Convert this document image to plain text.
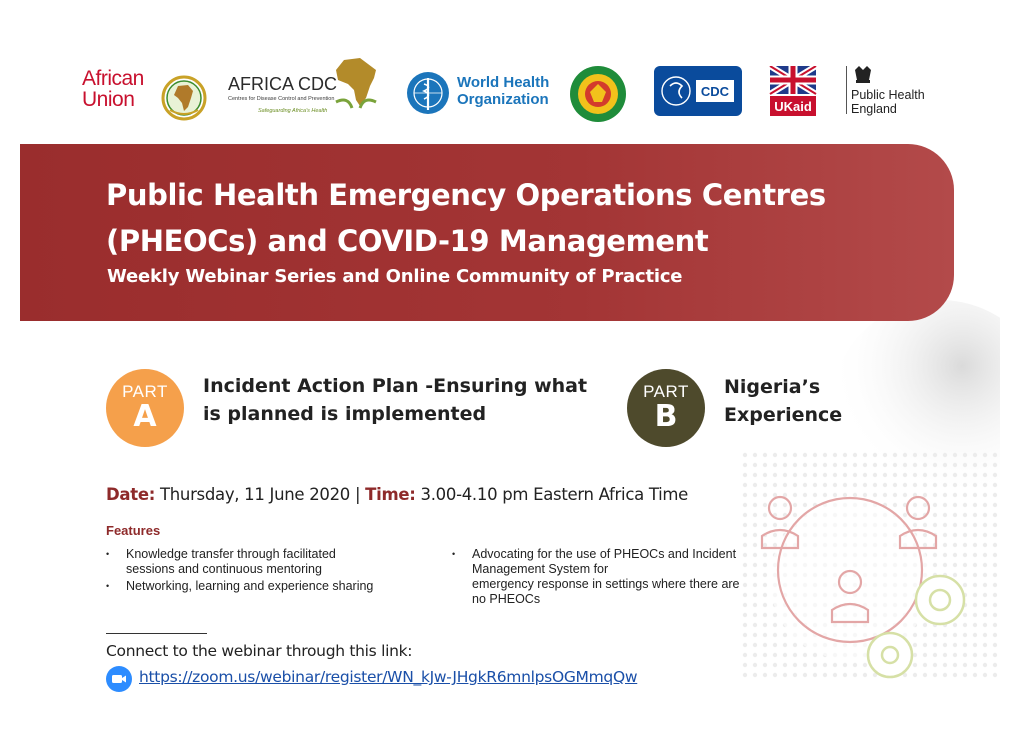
African
Union
AFRICA CDC
Centres for Disease Control and Prevention
Safeguarding Africa's Health
World Health
Organization	CDC
UKaid
Public Health
England
Public Health Emergency Operations Centres
(PHEOCs) and COVID-19 Management
Weekly Webinar Series and Online Community of Practice
PART
A
Incident Action Plan -Ensuring what
is planned is implemented
PART
B
Nigeria’s
Experience
Date: Thursday, 11 June 2020 | Time: 3.00-4.10 pm Eastern Africa Time
Features
• Knowledge transfer through facilitated
sessions and continuous mentoring
• Networking, learning and experience sharing
• Advocating for the use of PHEOCs and Incident
Management System for
emergency response in settings where there are
no PHEOCs
Connect to the webinar through this link:
https://zoom.us/webinar/register/WN_kJw-JHgkR6mnlpsOGMmqQw
